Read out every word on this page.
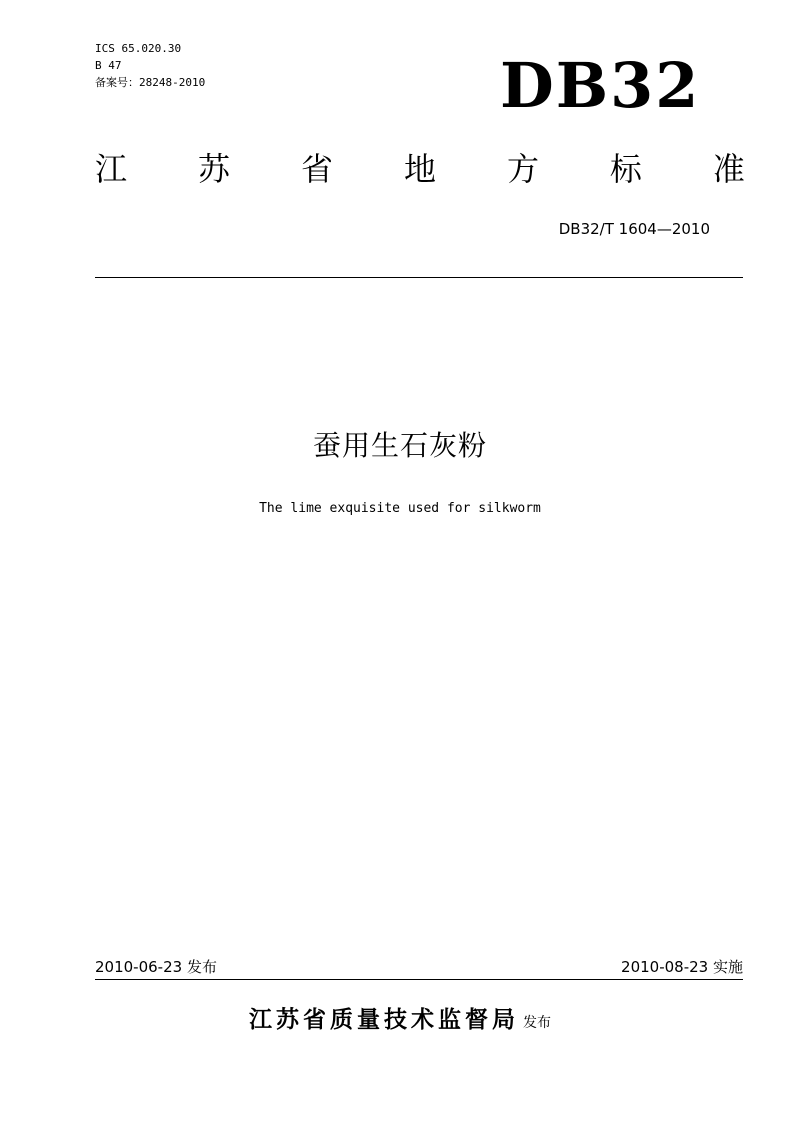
ICS 65.020.30
B 47
备案号：28248-2010	DB32
江 苏 省 地 方 标 准
DB32/T 1604—2010
蚕用生石灰粉
The lime exquisite used for silkworm
2010-06-23 发布	2010-08-23 实施
江苏省质量技术监督局 发布
